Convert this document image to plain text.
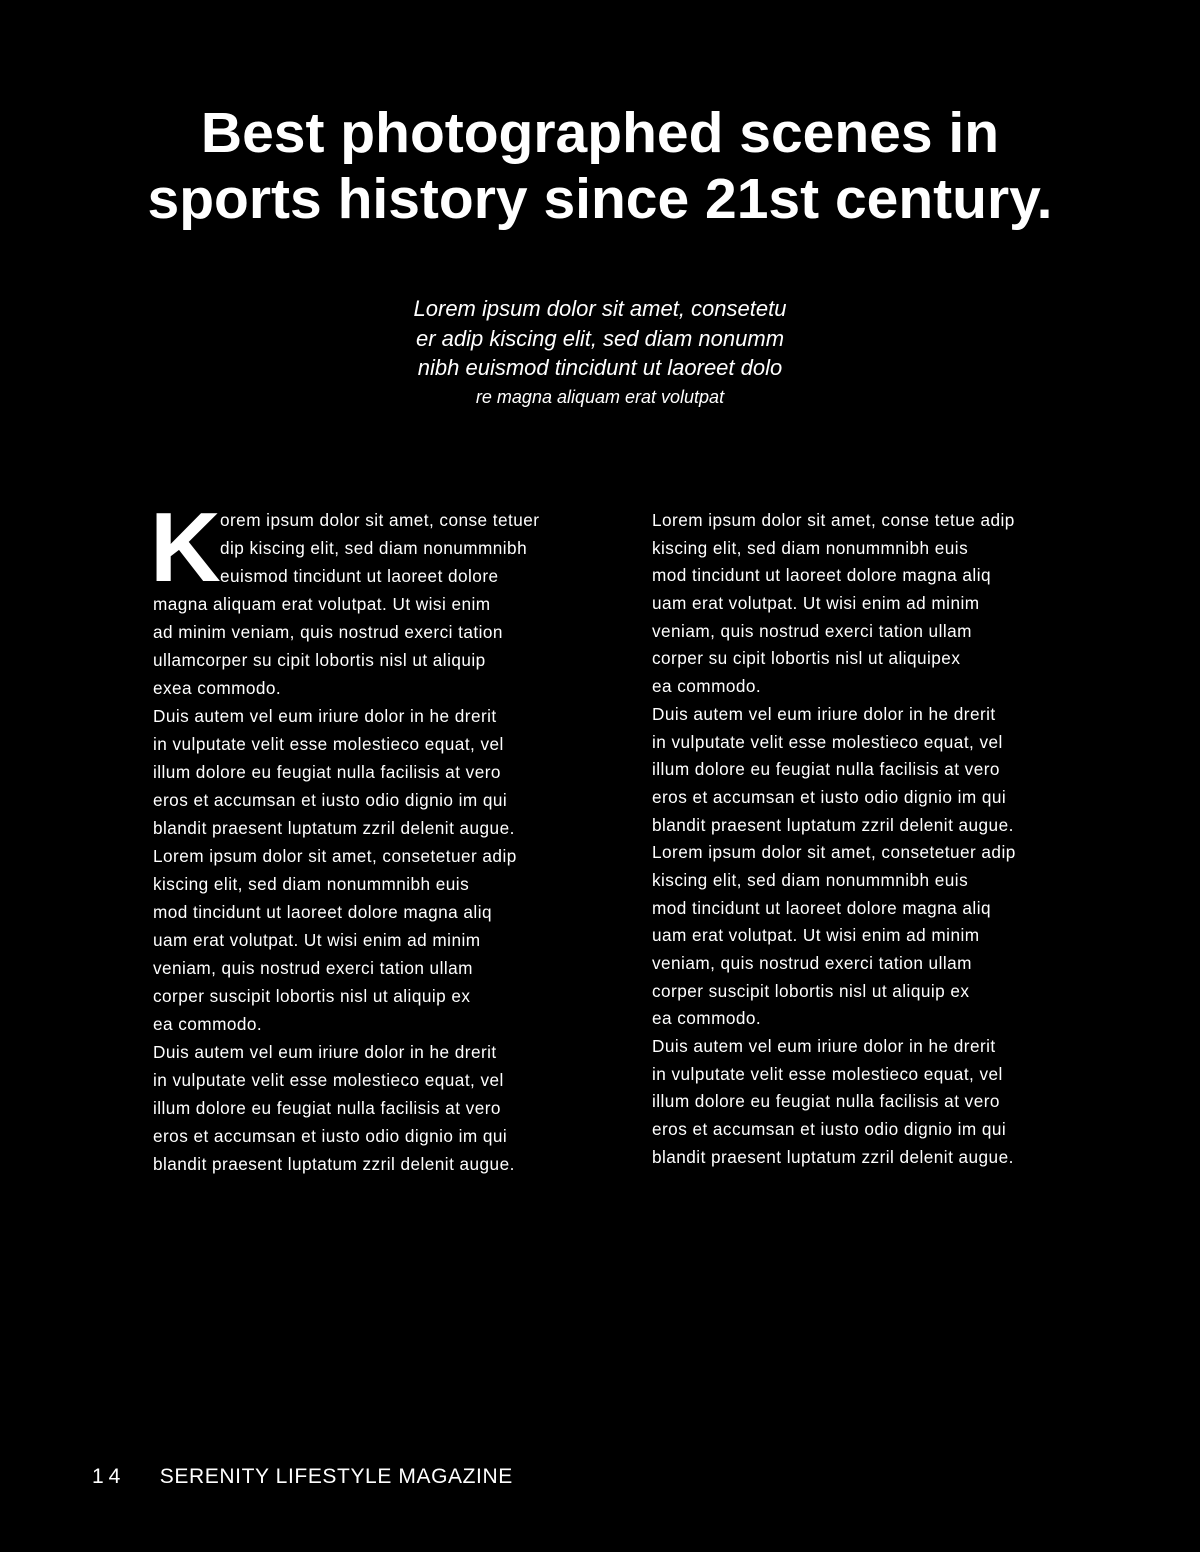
Best photographed scenes in
sports history since 21st century.
Lorem ipsum dolor sit amet, consetetu
er adip kiscing elit, sed diam nonumm
nibh euismod tincidunt ut laoreet dolo
re magna aliquam erat volutpat
K orem ipsum dolor sit amet, conse tetuer
dip kiscing elit, sed diam nonummnibh
euismod tincidunt ut laoreet dolore
magna aliquam erat volutpat. Ut wisi enim
ad minim veniam, quis nostrud exerci tation
ullamcorper su cipit lobortis nisl ut aliquip
exea commodo.
Duis autem vel eum iriure dolor in he drerit
in vulputate velit esse molestieco equat, vel
illum dolore eu feugiat nulla facilisis at vero
eros et accumsan et iusto odio dignio im qui
blandit praesent luptatum zzril delenit augue.
Lorem ipsum dolor sit amet, consetetuer adip
kiscing elit, sed diam nonummnibh euis
mod tincidunt ut laoreet dolore magna aliq
uam erat volutpat. Ut wisi enim ad minim
veniam, quis nostrud exerci tation ullam
corper suscipit lobortis nisl ut aliquip ex
ea commodo.
Duis autem vel eum iriure dolor in he drerit
in vulputate velit esse molestieco equat, vel
illum dolore eu feugiat nulla facilisis at vero
eros et accumsan et iusto odio dignio im qui
blandit praesent luptatum zzril delenit augue.
Lorem ipsum dolor sit amet, conse tetue adip
kiscing elit, sed diam nonummnibh euis
mod tincidunt ut laoreet dolore magna aliq
uam erat volutpat. Ut wisi enim ad minim
veniam, quis nostrud exerci tation ullam
corper su cipit lobortis nisl ut aliquipex
ea commodo.
Duis autem vel eum iriure dolor in he drerit
in vulputate velit esse molestieco equat, vel
illum dolore eu feugiat nulla facilisis at vero
eros et accumsan et iusto odio dignio im qui
blandit praesent luptatum zzril delenit augue.
Lorem ipsum dolor sit amet, consetetuer adip
kiscing elit, sed diam nonummnibh euis
mod tincidunt ut laoreet dolore magna aliq
uam erat volutpat. Ut wisi enim ad minim
veniam, quis nostrud exerci tation ullam
corper suscipit lobortis nisl ut aliquip ex
ea commodo.
Duis autem vel eum iriure dolor in he drerit
in vulputate velit esse molestieco equat, vel
illum dolore eu feugiat nulla facilisis at vero
eros et accumsan et iusto odio dignio im qui
blandit praesent luptatum zzril delenit augue.
14 SERENITY LIFESTYLE MAGAZINE
